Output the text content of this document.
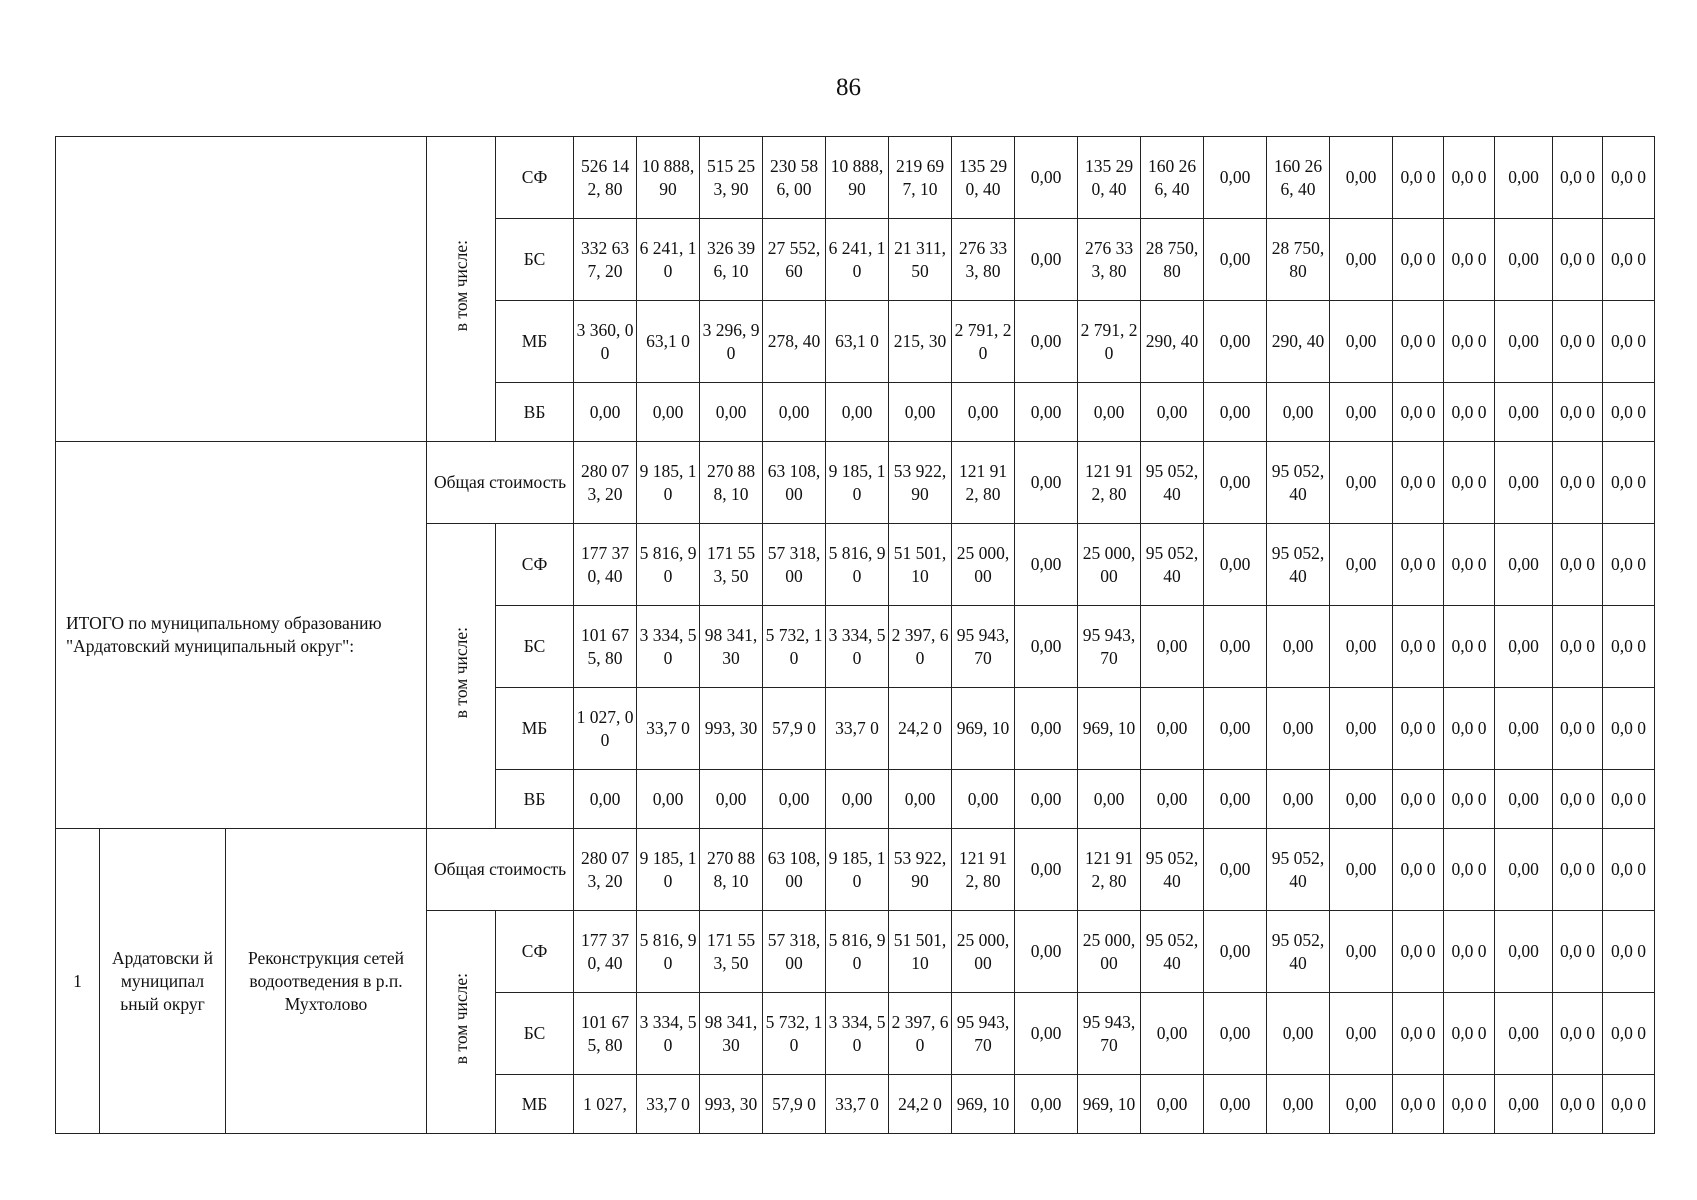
86
			в том числе:	СФ	526 142, 80	10 888, 90	515 253, 90	230 586, 00	10 888, 90	219 697, 10	135 290, 40	0,00	135 290, 40	160 266, 40	0,00	160 266, 40	0,00	0,0 0	0,0 0	0,00	0,0 0	0,0 0
				БС	332 637, 20	6 241, 10	326 396, 10	27 552, 60	6 241, 10	21 311, 50	276 333, 80	0,00	276 333, 80	28 750, 80	0,00	28 750, 80	0,00	0,0 0	0,0 0	0,00	0,0 0	0,0 0
				МБ	3 360, 00	63,1 0	3 296, 90	278, 40	63,1 0	215, 30	2 791, 20	0,00	2 791, 20	290, 40	0,00	290, 40	0,00	0,0 0	0,0 0	0,00	0,0 0	0,0 0
				ВБ	0,00	0,00	0,00	0,00	0,00	0,00	0,00	0,00	0,00	0,00	0,00	0,00	0,00	0,0 0	0,0 0	0,00	0,0 0	0,0 0
ИТОГО по муниципальному образованию "Ардатовский муниципальный округ":			Общая стоимость		280 073, 20	9 185, 10	270 888, 10	63 108, 00	9 185, 10	53 922, 90	121 912, 80	0,00	121 912, 80	95 052, 40	0,00	95 052, 40	0,00	0,0 0	0,0 0	0,00	0,0 0	0,0 0
			в том числе:	СФ	177 370, 40	5 816, 90	171 553, 50	57 318, 00	5 816, 90	51 501, 10	25 000, 00	0,00	25 000, 00	95 052, 40	0,00	95 052, 40	0,00	0,0 0	0,0 0	0,00	0,0 0	0,0 0
				БС	101 675, 80	3 334, 50	98 341, 30	5 732, 10	3 334, 50	2 397, 60	95 943, 70	0,00	95 943, 70	0,00	0,00	0,00	0,00	0,0 0	0,0 0	0,00	0,0 0	0,0 0
				МБ	1 027, 00	33,7 0	993, 30	57,9 0	33,7 0	24,2 0	969, 10	0,00	969, 10	0,00	0,00	0,00	0,00	0,0 0	0,0 0	0,00	0,0 0	0,0 0
				ВБ	0,00	0,00	0,00	0,00	0,00	0,00	0,00	0,00	0,00	0,00	0,00	0,00	0,00	0,0 0	0,0 0	0,00	0,0 0	0,0 0
1	Ардатовски й муниципал ьный округ	Реконструкция сетей водоотведения в р.п. Мухтолово	Общая стоимость		280 073, 20	9 185, 10	270 888, 10	63 108, 00	9 185, 10	53 922, 90	121 912, 80	0,00	121 912, 80	95 052, 40	0,00	95 052, 40	0,00	0,0 0	0,0 0	0,00	0,0 0	0,0 0
			в том числе:	СФ	177 370, 40	5 816, 90	171 553, 50	57 318, 00	5 816, 90	51 501, 10	25 000, 00	0,00	25 000, 00	95 052, 40	0,00	95 052, 40	0,00	0,0 0	0,0 0	0,00	0,0 0	0,0 0
				БС	101 675, 80	3 334, 50	98 341, 30	5 732, 10	3 334, 50	2 397, 60	95 943, 70	0,00	95 943, 70	0,00	0,00	0,00	0,00	0,0 0	0,0 0	0,00	0,0 0	0,0 0
				МБ	1 027,	33,7 0	993, 30	57,9 0	33,7 0	24,2 0	969, 10	0,00	969, 10	0,00	0,00	0,00	0,00	0,0 0	0,0 0	0,00	0,0 0	0,0 0
